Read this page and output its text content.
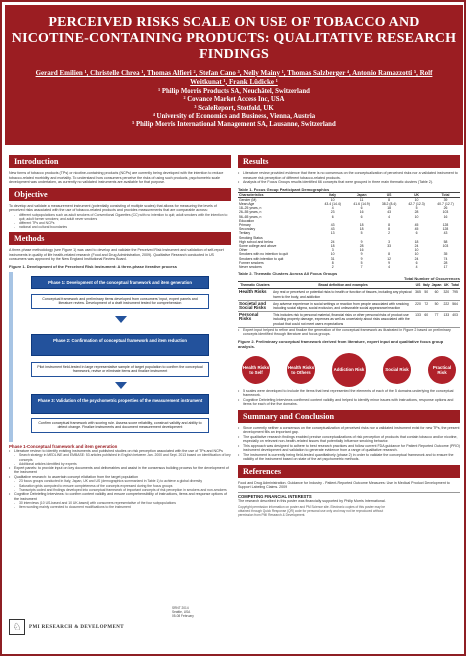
PERCEIVED RISKS SCALE ON USE OF TOBACCO AND
NICOTINE-CONTAINING PRODUCTS: QUALITATIVE RESEARCH FINDINGS
Gerard Emilien ¹, Christelle Chrea ¹, Thomas Alfieri ², Stefan Cano ³, Nelly Mainy ¹, Thomas Salzberger ⁴, Antonio Ramazzotti ⁵, Rolf Weitkunat ¹, Frank Lüdicke ¹
¹ Philip Morris Products SA, Neuchâtel, Switzerland
² Covance Market Access Inc, USA
³ ScaleReport, Stotfold, UK
⁴ University of Economics and Business, Vienna, Austria
⁵ Philip Morris International Management SA, Lausanne, Switzerland
Introduction
New forms of tobacco products (TPs) or nicotine-containing products (NCPs) are currently being developed with the intention to reduce tobacco-related morbidity and mortality. To understand how consumers perceive the risks of using such products, psychometric scale development was undertaken, as currently no validated instruments are available for that purpose.
Objective
To develop and validate a measurement instrument (potentially consisting of multiple scales) that allows for measuring the levels of perceived risks associated with the use of tobacco-related products and provides measurements that are comparable across:
- different subpopulations such as adult smokers of Conventional Cigarettes (CC) with no intention to quit; adult smokers with the intention to quit; adult former smokers; and adult never smokers
- different TPs and NCPs
- national and cultural boundaries
Methods
A three-phase methodology (see Figure 1) was used to develop and validate the Perceived Risk Instrument and validation of self-report instruments in quality of life health-related research (Food and Drug Administration, 2009). Qualitative Research conducted in US consumers was approved by the New England Institutional Review Board.
Figure 1. Development of the Perceived Risk Instrument: A three-phase iterative process
Phase 1: Development of the conceptual framework and item generation
Conceptual framework and preliminary items developed from consumers' input, expert panels and literature review. Development of a draft instrument tested for comprehension
Phase 2: Confirmation of conceptual framework and item reduction
Pilot instrument field-tested in large representative sample of target population to confirm the conceptual framework, revise or eliminate items and finalize instrument
Phase 3: Validation of the psychometric properties of the measurement instrument
Confirm conceptual framework with scoring rule. Assess score reliability, construct validity and ability to detect change. Finalize instruments and document measurement development
Phase 1-Conceptual framework and item generation
• Literature review: to identify existing instruments and published studies on risk perception associated with the use of TPs and NCPs
- Search strategy in MEDLINE and EMBASE: 53 articles published in English between Jan. 2000 and Sept. 2013 based on identification of key concepts
- Additional articles identified by experts
• Expert panels: to provide input on key documents and deliverables and assist in the consensus building process for the development of the instrument
• Qualitative research: to ascertain concept elicitation from the target population
- 23 focus groups conducted in Italy, Japan, UK and US (demographics summarized in Table 1) to achieve a global diversity
- Saturation grids computed to ensure completeness of the concepts expressed during the focus groups
- Transcripts coded and findings developed into conceptual framework of important concepts of risk perception in smokers and non-smokers
• Cognitive Debriefing Interviews: to confirm content validity and ensure comprehensibility of instructions, items and response options of the instrument
- 30 interviews (10 US-based and 10 UK-based) with consumers representative of the four subpopulations
- Item wording mainly corrected to document modifications to the instrument
Results
• Literature review provided evidence that there is no consensus on the conceptualization of perceived risks nor a validated instrument to measure risk perception of different tobacco-related products.
• Analysis of the Focus Groups results identified 66 concepts that were grouped in three main thematic clusters (Table 2).
Table 1. Focus Group Participant Demographics
Characteristics	Italy	Japan	US	UK	Total
Gender (M)	10	11	8	10	39
Mean Age	43.4 (14.4)	41.6 (14.9)	38.2 (8.4)	42.7 (12.3)	40.7 (12.7)
18–25 years, n	4	6	18	5	26
26–55 years, n	23	16	43	28	103
56–65 years, n	6	6	4	10	16
Education					
Primary	43	18	8	45	128
Secondary	43	18	8	45	128
Tertiary	13	5	2	6	43
Smoking Status					
High school and below	24	9	3	18	58
Some college and above	18	28	33	24	103
Other	3	16		10	
Smokers with no intention to quit	10	9	8	10	35
Smokers with intention to quit	31	9	12	24	74
Former smokers	8	5	9	6	28
Never smokers	2	7	4	4	17
Table 2. Thematic Clusters Across All Focus Groups
Total Number of Occurrences
Thematic Clusters	Broad definition and examples	US	Italy	Japan	UK	Total
Health Risks	Any real or perceived or potential risks to health or function of tissues, including any physical harm to the body, and addiction	365	50	60	320	795
Societal and Social Risks	Any adverse experience in social settings or reaction from people associated with smoking including social stigma, social exclusion, and unfavorable social appearance/reaction	220	72	50	222	564
Personal Risks	This includes risk to personal material, financial risks or other personal risks of product use including property damage, expenses as well as uncertainty about risks associated with the product that could not meet users expectations	133	60	77	133	403
• Expert input helped to refine and finalize the generation of the conceptual framework as illustrated in Figure 2 based on preliminary concepts identified through literature and focus groups.
Figure 2. Preliminary conceptual framework derived from literature, expert input and qualitative focus group analysis.
Health Risks to Self
Health Risks to Others	Addiction Risk	Social Risk	Practical Risk
• 5 scales were developed to include the items that best represented the elements of each of the 5 domains underlying the conceptual framework.
• Cognitive Debriefing Interviews confirmed content validity and helped to identify minor issues with instructions, response options and items for each of the five domains.
Summary and Conclusion
• Since currently neither a consensus on the conceptualization of perceived risks nor a validated instrument exist for new TPs, the present development fills an important gap.
• The qualitative research findings enabled precise conceptualizations of risk perception of products that contain tobacco and/or nicotine, especially on relevant non-health-related issues that potentially influence smoking behavior.
• This approach was designed to adhere to best research practices and follow current FDA guidance for Patient Reported Outcome (PRO) instrument development and validation to generate evidence from a range of qualitative research.
• The instrument is currently being field-tested quantitatively (phase 2) in order to validate the conceptual framework and to ensure the validity of the instrument based on state of the art psychometric methods.
References
Food and Drug Administration. Guidance for Industry - Patient-Reported Outcome Measures: Use in Medical Product Development to Support Labeling Claims. 2009
COMPETING FINANCIAL INTERESTS
The research described in this poster was financially supported by Philip Morris International.
Copyright permission information on poster and PM Science site. Electronic copies of this poster may be obtained through Quick Response (QR) code for personal use only and may not be reproduced without permission from PMI Research & Development.
♘	PMI RESEARCH & DEVELOPMENT
SRNT 2014
Seattle, USA
05-08 February
